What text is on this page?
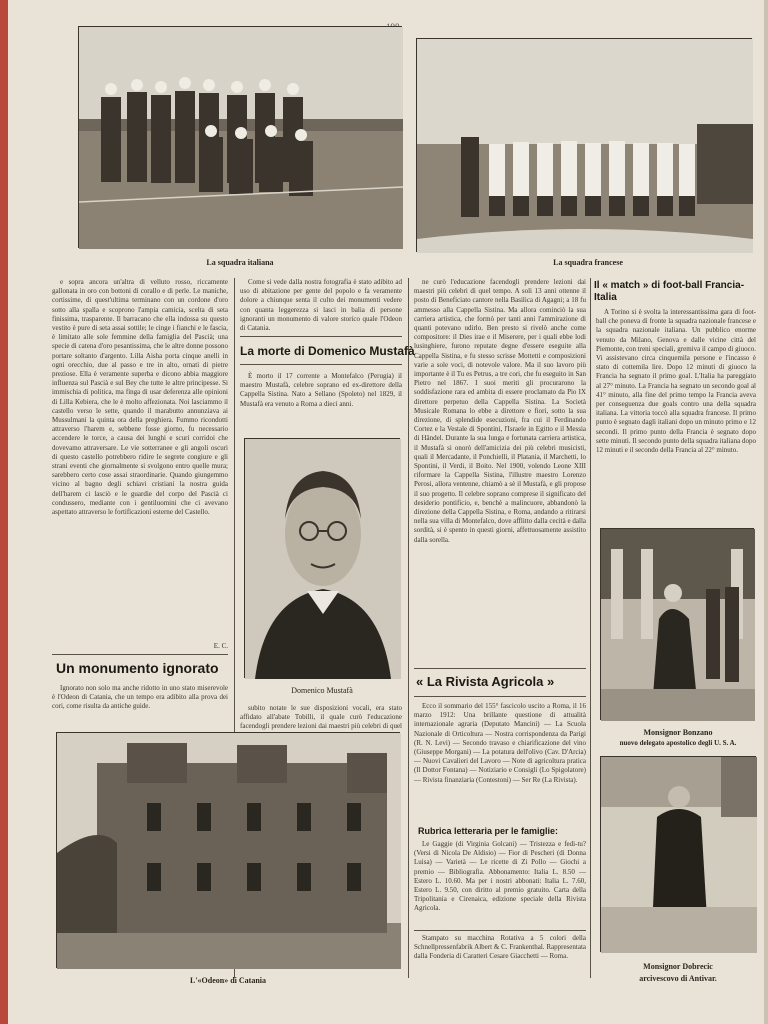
La squadra italiana	La squadra francese

e sopra ancora un'altra di velluto rosso, riccamente gallonata in oro con bottoni di corallo e di perle. Le maniche, cortissime, di quest'ultima terminano con un cordone d'oro sotto alla spalla e scoprono l'ampia camicia, scelta di seta finissima, trasparente. Il barracano che ella indossa su questo vestito è pure di seta assai sottile; le cinge i fianchi e le fascia, è limitato alle sole femmine della famiglia del Pascià; una specie di catena d'oro pesantissima, che le altre donne possono portare soltanto d'argento. Lilla Aisha porta cinque anelli in ogni orecchio, due al passo e tre in alto, ornati di pietre preziose. Ella è veramente superba e dicono abbia maggiore influenza sul Pascià e sul Bey che tutte le altre principesse. Si immischia di politica, ma finga di usar deferenza alle opinioni di Lilla Kebiera, che le è molto affezionata. Noi lasciammo il castello verso le sette, quando il marabutto annunziava ai Mussulmani la quinta ora della preghiera. Fummo ricondotti attraverso l'harem e, sebbene fosse giorno, fu necessario accendere le torce, a causa dei lunghi e scuri corridoi che dovevamo attraversare. Le vie sotterranee e gli angoli oscuri di questo castello potrebbero ridire le segrete congiure e gli strani eventi che giornalmente si svolgono entro quelle mura; sarebbero certo cose assai straordinarie. Quando giungemmo vicino al bagno degli schiavi cristiani la nostra guida dell'harem ci lasciò e le guardie del corpo del Pascià ci condussero, mediante con i gentiluomini che ci avevano aspettato attraverso le fortificazioni esterne del Castello.

E. C.
Un monumento ignorato

Ignorato non solo ma anche ridotto in uno stato miserevole è l'Odeon di Catania, che un tempo era adibito alla prova dei cori, come risulta da antiche guide.

Come si vede dalla nostra fotografia è stato adibito ad uso di abitazione per gente del popolo e fa veramente dolore a chiunque senta il culto dei monumenti vedere con quanta leggerezza si lasci in balia di persone ignoranti un monumento di valore storico quale l'Odeon di Catania.

La morte di Domenico Mustafà

È morto il 17 corrente a Montefalco (Perugia) il maestro Mustafà, celebre soprano ed ex-direttore della Cappella Sistina. Nato a Sellano (Spoleto) nel 1829, il Mustafà era venuto a Roma a dieci anni.

Domenico Mustafà

subito notate le sue disposizioni vocali, era stato affidato all'abate Tobilli, il quale curò l'educazione facendogli prendere lezioni dai maestri più celebri di quel

L'«Odeon» di Catania

ne curò l'educazione facendogli prendere lezioni dai maestri più celebri di quel tempo. A soli 13 anni ottenne il posto di Beneficiato cantore nella Basilica di Agagni; a 18 fu ammesso alla Cappella Sistina. Ma allora cominciò la sua carriera artistica, che formò per tanti anni l'ammirazione di quanti potevano udirlo. Ben presto si rivelò anche come compositore: il Dies irae e il Miserere, per i quali ebbe lodi lusinghiere, furono reputate degne d'essere eseguite alla Cappella Sistina, e fu stesso scrisse Mottetti e composizioni varie a sole voci, di notevole valore. Ma il suo lavoro più importante è il Tu es Petrus, a tre cori, che fu eseguito in San Pietro nel 1867. I suoi meriti gli procurarono la soddisfazione rara ed ambita di essere proclamato da Pio IX direttore perpetuo della Cappella Sistina. La Società Musicale Romana lo ebbe a direttore e fiori, sotto la sua direzione, di splendide esecuzioni, fra cui il Ferdinando Cortez e la Vestale di Spontini, l'Israele in Egitto e il Messia di Händel. Durante la sua lunga e fortunata carriera artistica, il Mustafà si onorò dell'amicizia dei più celebri musicisti, quali il Mercadante, il Ponchielli, il Platania, il Marchetti, lo Spontini, il Verdi, il Boito. Nel 1900, volendo Leone XIII riformare la Cappella Sistina, l'illustre maestro Lorenzo Perosi, allora ventenne, chiamò a sè il Mustafà, e gli propose il suo progetto. Il celebre soprano comprese il significato del desiderio pontificio, e, benchè a malincuore, abbandonò la direzione della Cappella Sistina, e Roma, andando a ritirarsi nella sua villa di Montefalco, dove afflitto dalla cecità e dalla sordità, si è spento in questi giorni, affettuosamente assistito dalla sorella.

« La Rivista Agricola »

Ecco il sommario del 155° fascicolo uscito a Roma, il 16 marzo 1912: Una brillante questione di attualità internazionale agraria (Deputato Mancini) — La Scuola Nazionale di Orticoltura — Nostra corrispondenza da Parigi (R. N. Levi) — Secondo travaso e chiarificazione del vino (Giuseppe Morgani) — La potatura dell'olivo (Cav. D'Arcia) — Nuovi Cavalieri del Lavoro — Note di agricoltura pratica (Il Dottor Fontana) — Notiziario e Consigli (Lo Spigolatore) — Rivista finanziaria (Contestoni) — Ser Re (La Rivista).

Rubrica letteraria per le famiglie:

Le Gaggie (di Virginia Golcani) — Tristezza e fedi-tu? (Versi di Nicola De Aldisio) — Fior di Pescheri (di Donna Luisa) — Varietà — Le ricette di Zi Pollo — Giochi a premio — Bibliografia. Abbonamento: Italia L. 8.50 — Estero L. 10.60. Ma per i nostri abbonati: Italia L. 7.60, Estero L. 9.50, con diritto al premio gratuito. Carta della Tripolitania e Cirenaica, edizione speciale della Rivista Agricola.

Stampato su macchina Rotativa a 5 colori della Schnellpressenfabrik Albert & C. Frankenthal. Rappresentata dalla Fonderia di Caratteri Cesare Giacchetti — Roma.

Il « match » di foot-ball Francia-Italia

A Torino si è svolta la interessantissima gara di foot-ball che poneva di fronte la squadra nazionale francese e la squadra nazionale italiana. Un pubblico enorme venuto da Milano, Genova e dalle vicine città del Piemonte, con treni speciali, gremiva il campo di giuoco. Vi assistevano circa cinquemila persone e l'incasso è stato di cottemila lire. Dopo 12 minuti di giuoco la Francia ha segnato il primo goal. L'Italia ha pareggiato al 27° minuto. La Francia ha segnato un secondo goal al 41° minuto, alla fine del primo tempo la Francia aveva per conseguenza due goals contro una della squadra italiana. La vittoria toccò alla squadra francese. Il primo punto è segnato dagli italiani dopo un minuto primo e 12 secondi. Il primo punto della Francia è segnato dopo sette minuti. Il secondo punto della squadra italiana dopo 12 minuti e il secondo della Francia al 22° minuto.

Monsignor Bonzano
nuovo delegato apostolico degli U. S. A.
Monsignor Dobrecic
arcivescovo di Antivar.
